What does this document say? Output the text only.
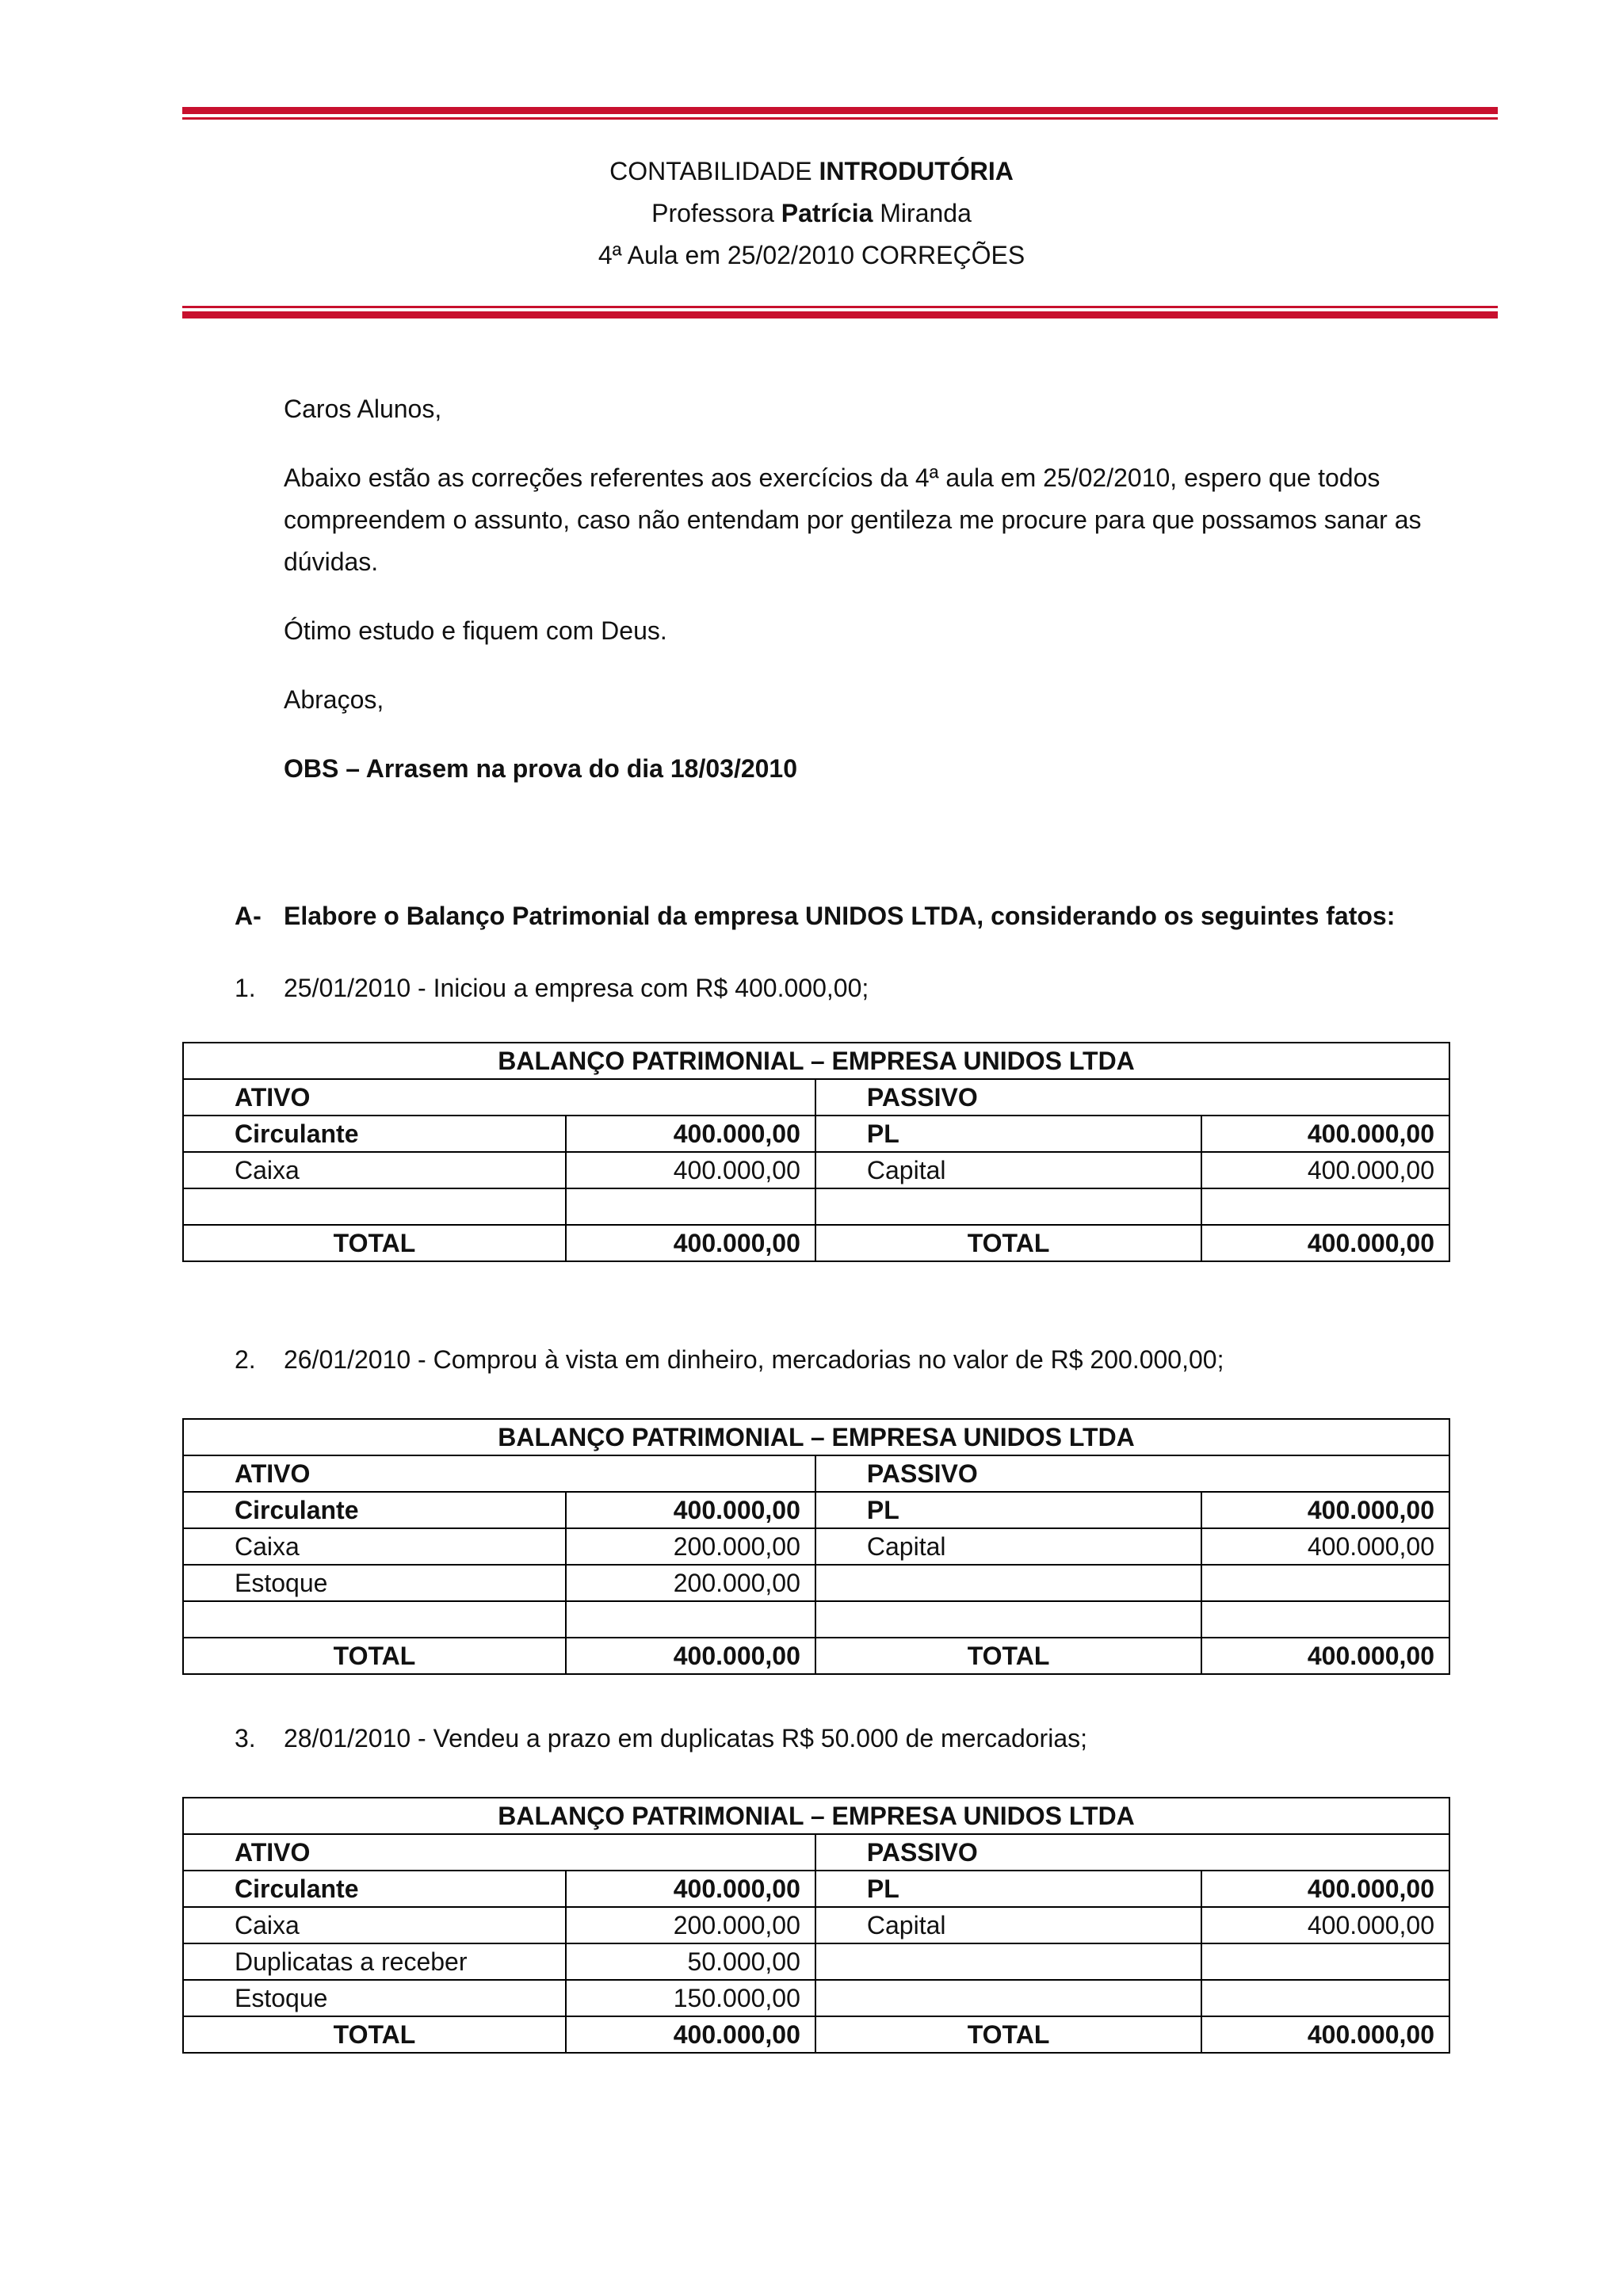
CONTABILIDADE INTRODUTÓRIA
Professora Patrícia Miranda
4ª Aula em 25/02/2010 CORREÇÕES

Caros Alunos,

Abaixo estão as correções referentes aos exercícios da 4ª aula em 25/02/2010, espero que todos compreendem o assunto, caso não entendam por gentileza me procure para que possamos sanar as dúvidas.

Ótimo estudo e fiquem com Deus.

Abraços,

OBS – Arrasem na prova do dia 18/03/2010

A- Elabore o Balanço Patrimonial da empresa UNIDOS LTDA, considerando os seguintes fatos:
1. 25/01/2010 - Iniciou a empresa com R$ 400.000,00;
BALANÇO PATRIMONIAL – EMPRESA UNIDOS LTDA			
ATIVO		PASSIVO	
Circulante	400.000,00	PL	400.000,00
Caixa	400.000,00	Capital	400.000,00

TOTAL	400.000,00	TOTAL	400.000,00
2. 26/01/2010 - Comprou à vista em dinheiro, mercadorias no valor de R$ 200.000,00;
BALANÇO PATRIMONIAL – EMPRESA UNIDOS LTDA			
ATIVO		PASSIVO	
Circulante	400.000,00	PL	400.000,00
Caixa	200.000,00	Capital	400.000,00
Estoque	200.000,00		

TOTAL	400.000,00	TOTAL	400.000,00
3. 28/01/2010 - Vendeu a prazo em duplicatas R$ 50.000 de mercadorias;
BALANÇO PATRIMONIAL – EMPRESA UNIDOS LTDA			
ATIVO		PASSIVO	
Circulante	400.000,00	PL	400.000,00
Caixa	200.000,00	Capital	400.000,00
Duplicatas a receber	50.000,00		
Estoque	150.000,00		
TOTAL	400.000,00	TOTAL	400.000,00
